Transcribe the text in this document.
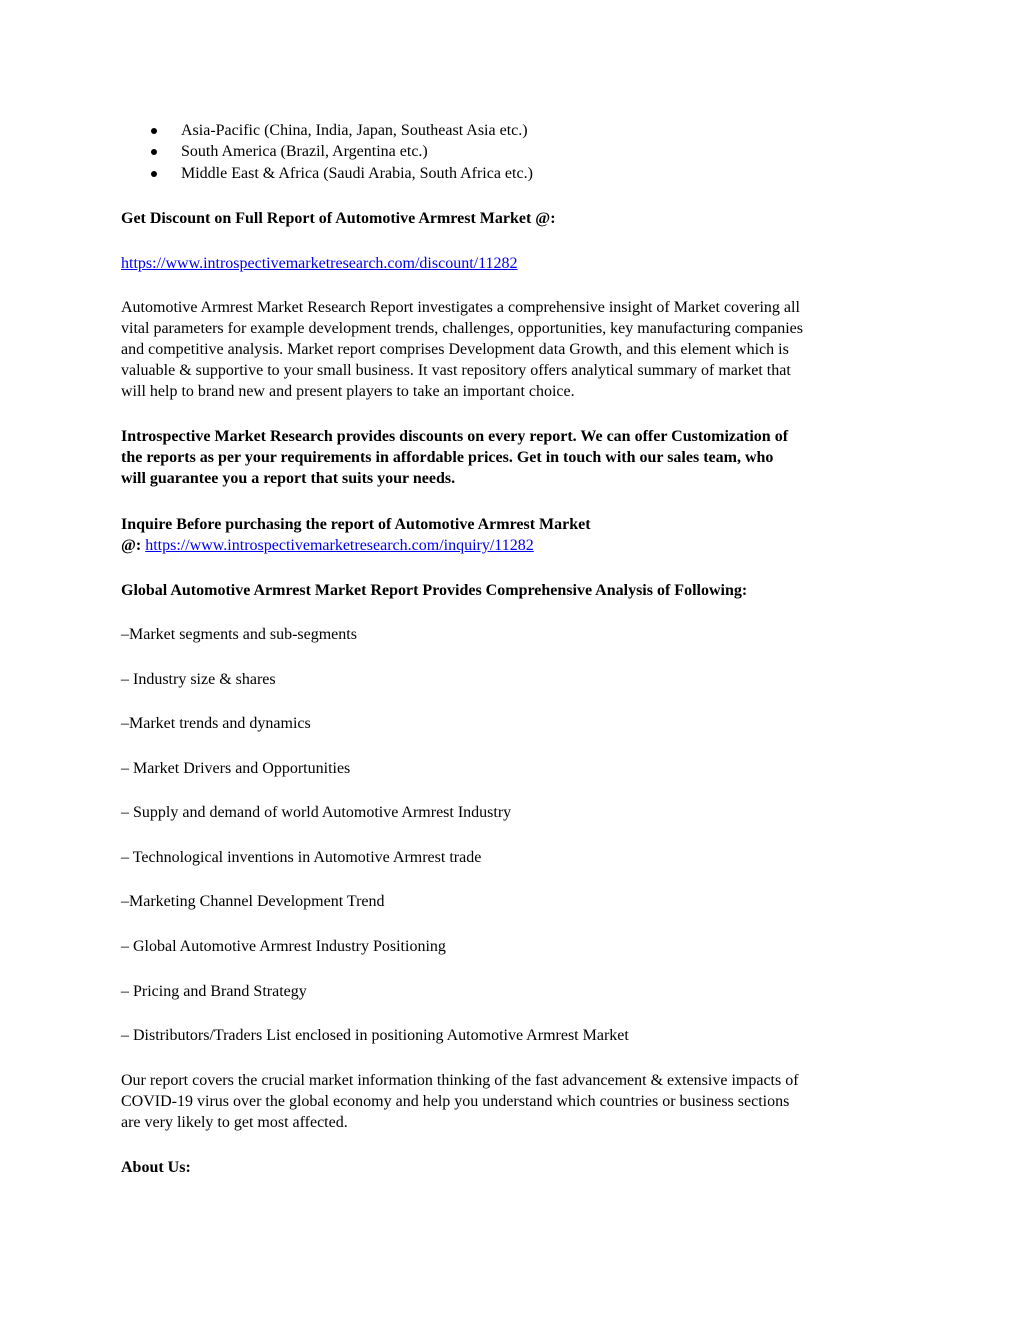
Asia-Pacific (China, India, Japan, Southeast Asia etc.)
South America (Brazil, Argentina etc.)
Middle East & Africa (Saudi Arabia, South Africa etc.)
Get Discount on Full Report of Automotive Armrest Market @:
https://www.introspectivemarketresearch.com/discount/11282
Automotive Armrest Market Research Report investigates a comprehensive insight of Market covering all
vital parameters for example development trends, challenges, opportunities, key manufacturing companies
and competitive analysis. Market report comprises Development data Growth, and this element which is
valuable & supportive to your small business. It vast repository offers analytical summary of market that
will help to brand new and present players to take an important choice.
Introspective Market Research provides discounts on every report. We can offer Customization of
the reports as per your requirements in affordable prices. Get in touch with our sales team, who
will guarantee you a report that suits your needs.
Inquire Before purchasing the report of Automotive Armrest Market
@: https://www.introspectivemarketresearch.com/inquiry/11282
Global Automotive Armrest Market Report Provides Comprehensive Analysis of Following:
–Market segments and sub-segments
– Industry size & shares
–Market trends and dynamics
– Market Drivers and Opportunities
– Supply and demand of world Automotive Armrest Industry
– Technological inventions in Automotive Armrest trade
–Marketing Channel Development Trend
– Global Automotive Armrest Industry Positioning
– Pricing and Brand Strategy
– Distributors/Traders List enclosed in positioning Automotive Armrest Market
Our report covers the crucial market information thinking of the fast advancement & extensive impacts of
COVID-19 virus over the global economy and help you understand which countries or business sections
are very likely to get most affected.
About Us:
